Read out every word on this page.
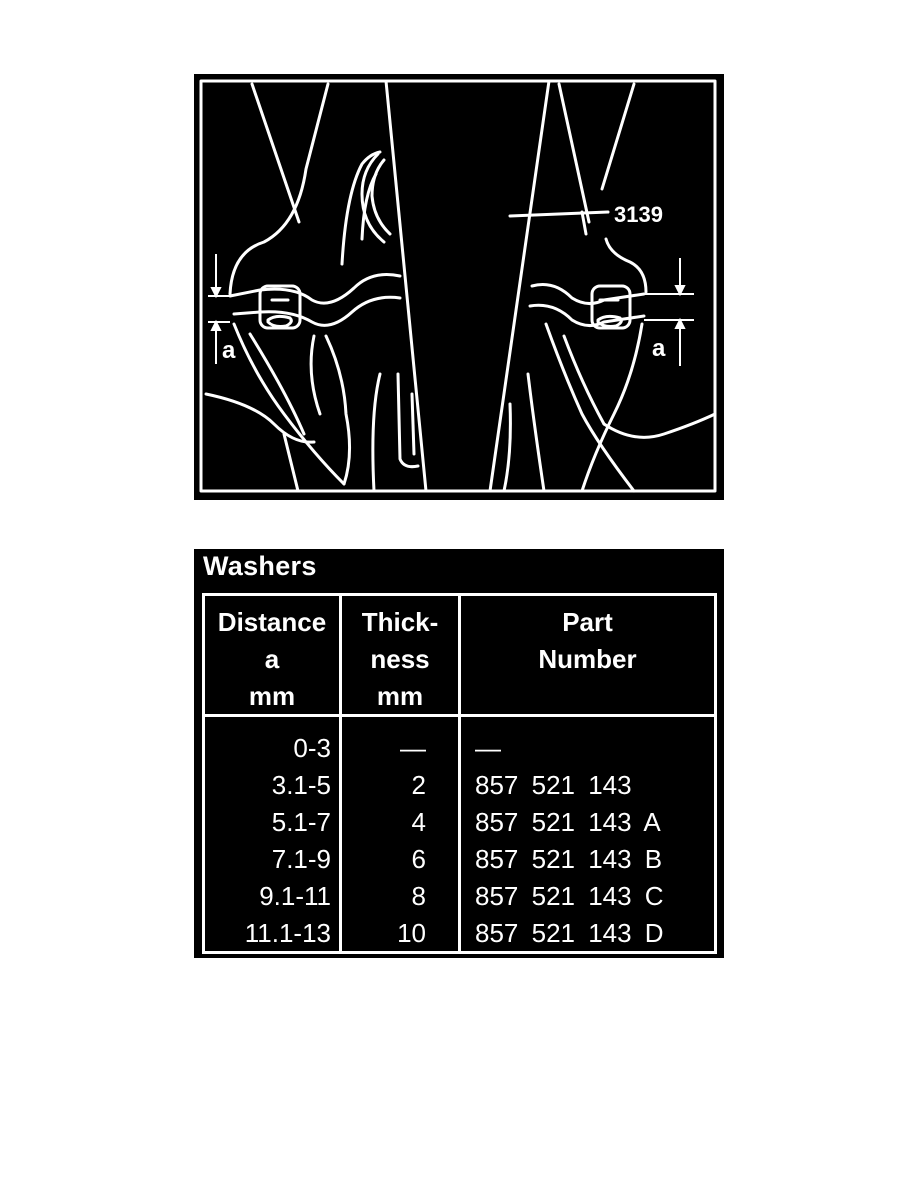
3139
a	a
Washers
Distance
a
mm
Thick-
ness
mm
Part
Number
0-3
3.1-5
5.1-7
7.1-9
9.1-11
11.1-13
—
2
4
6
8
10
—
857 521 143
857 521 143 A
857 521 143 B
857 521 143 C
857 521 143 D
